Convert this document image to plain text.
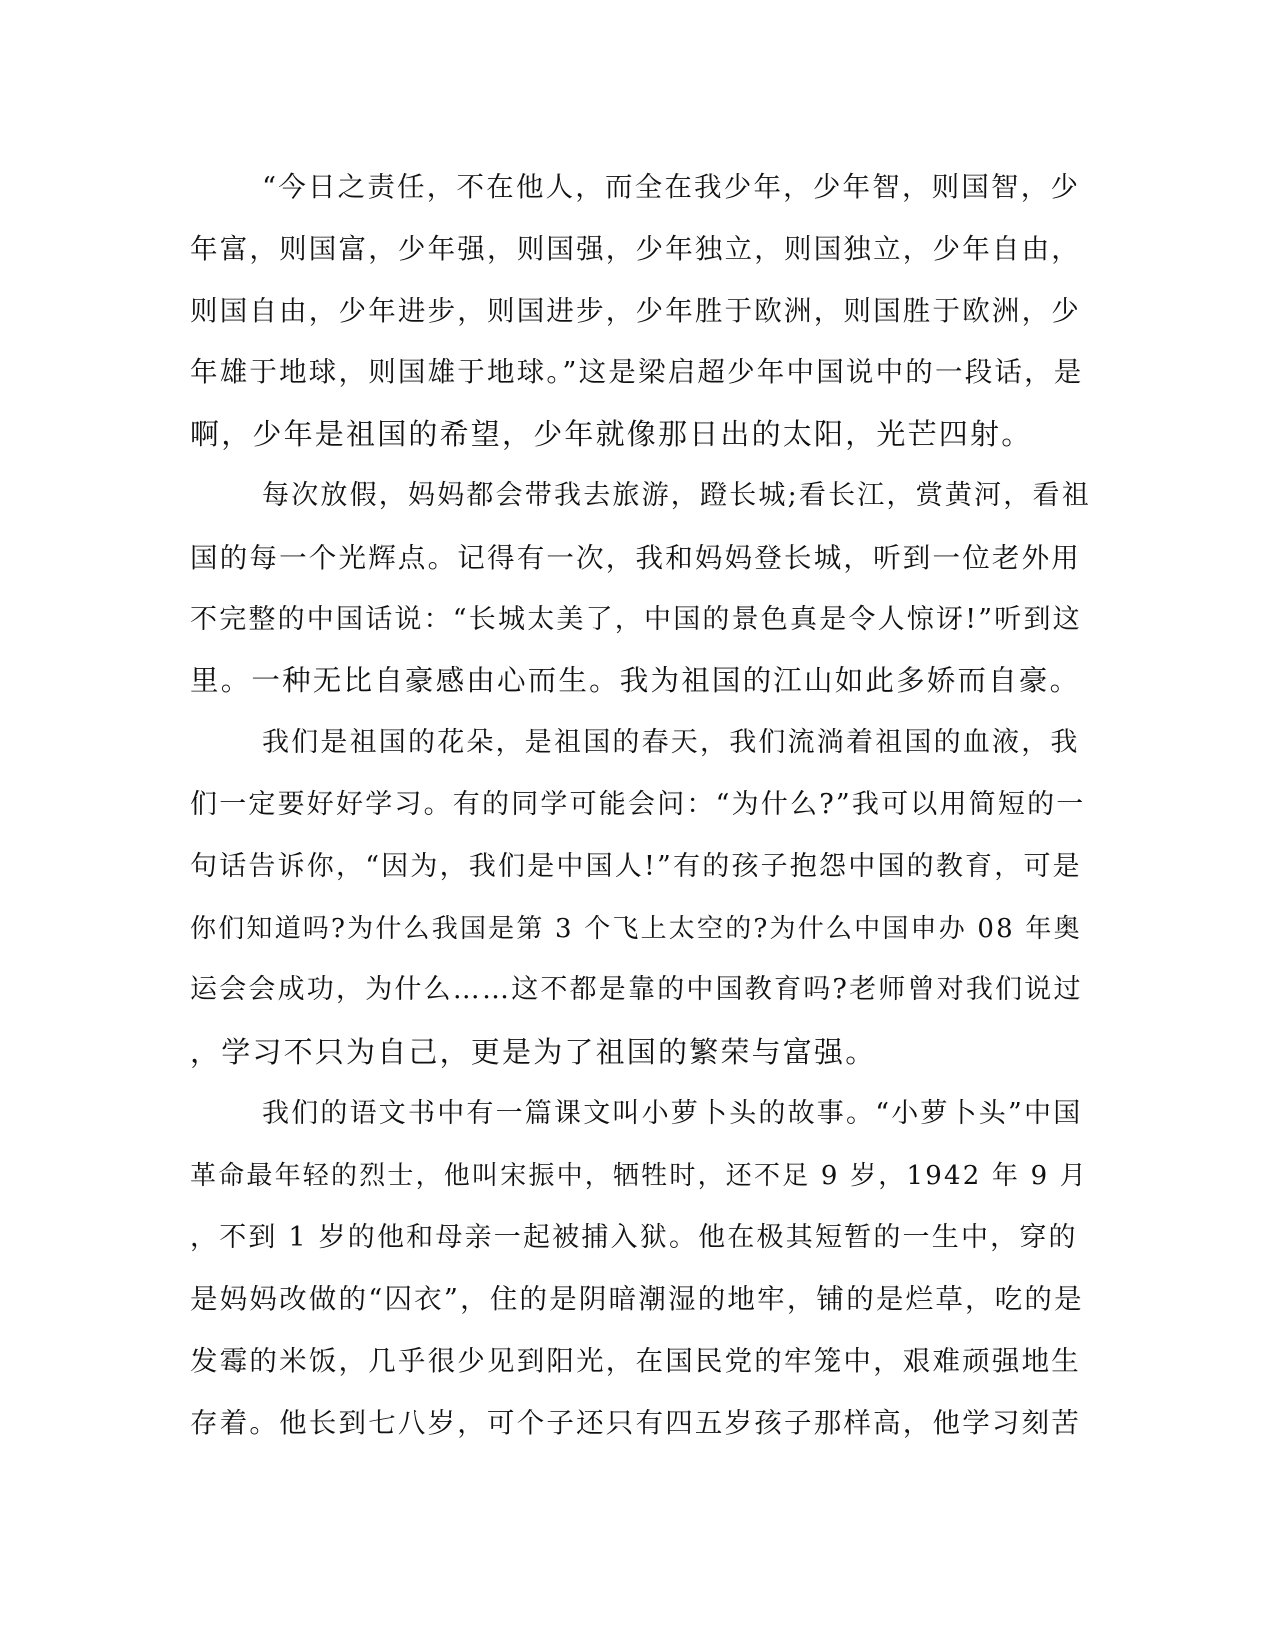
“今日之责任，不在他人，而全在我少年，少年智，则国智，少
年富，则国富，少年强，则国强，少年独立，则国独立，少年自由，
则国自由，少年进步，则国进步，少年胜于欧洲，则国胜于欧洲，少
年雄于地球，则国雄于地球。”这是梁启超少年中国说中的一段话，是
啊，少年是祖国的希望，少年就像那日出的太阳，光芒四射。
每次放假，妈妈都会带我去旅游，蹬长城;看长江，赏黄河，看祖
国的每一个光辉点。记得有一次，我和妈妈登长城，听到一位老外用
不完整的中国话说：“长城太美了，中国的景色真是令人惊讶!”听到这
里。一种无比自豪感由心而生。我为祖国的江山如此多娇而自豪。
我们是祖国的花朵，是祖国的春天，我们流淌着祖国的血液，我
们一定要好好学习。有的同学可能会问：“为什么?”我可以用简短的一
句话告诉你，“因为，我们是中国人!”有的孩子抱怨中国的教育，可是
你们知道吗?为什么我国是第 3 个飞上太空的?为什么中国申办 08 年奥
运会会成功，为什么……这不都是靠的中国教育吗?老师曾对我们说过
，学习不只为自己，更是为了祖国的繁荣与富强。
我们的语文书中有一篇课文叫小萝卜头的故事。“小萝卜头”中国
革命最年轻的烈士，他叫宋振中，牺牲时，还不足 9 岁，1942 年 9 月
，不到 1 岁的他和母亲一起被捕入狱。他在极其短暂的一生中，穿的
是妈妈改做的“囚衣”，住的是阴暗潮湿的地牢，铺的是烂草，吃的是
发霉的米饭，几乎很少见到阳光，在国民党的牢笼中，艰难顽强地生
存着。他长到七八岁，可个子还只有四五岁孩子那样高，他学习刻苦
